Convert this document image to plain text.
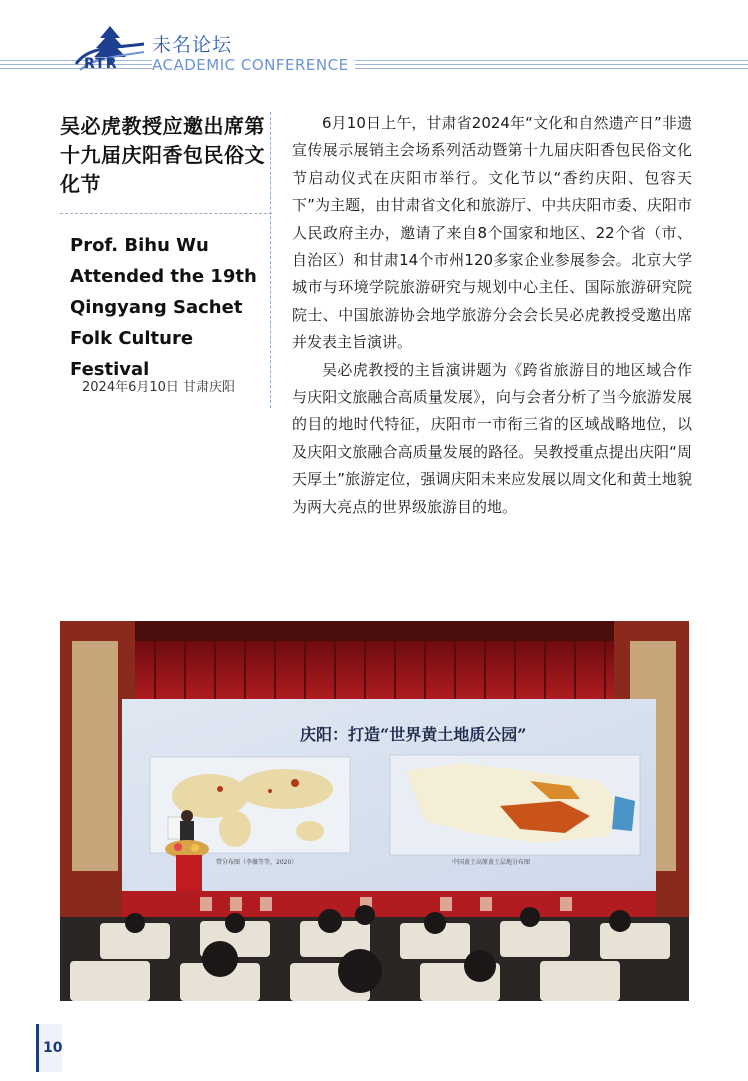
RTR
未名论坛
ACADEMIC CONFERENCE
吴必虎教授应邀出席第十九届庆阳香包民俗文化节
Prof. Bihu Wu Attended the 19th Qingyang Sachet Folk Culture Festival
2024年6月10日 甘肃庆阳

6月10日上午，甘肃省2024年“文化和自然遗产日”非遗宣传展示展销主会场系列活动暨第十九届庆阳香包民俗文化节启动仪式在庆阳市举行。文化节以“香约庆阳、包容天下”为主题，由甘肃省文化和旅游厅、中共庆阳市委、庆阳市人民政府主办，邀请了来自8个国家和地区、22个省（市、自治区）和甘肃14个市州120多家企业参展参会。北京大学城市与环境学院旅游研究与规划中心主任、国际旅游研究院院士、中国旅游协会地学旅游分会会长吴必虎教授受邀出席并发表主旨演讲。

吴必虎教授的主旨演讲题为《跨省旅游目的地区域合作与庆阳文旅融合高质量发展》，向与会者分析了当今旅游发展的目的地时代特征，庆阳市一市衔三省的区域战略地位，以及庆阳文旅融合高质量发展的路径。吴教授重点提出庆阳“周天厚土”旅游定位，强调庆阳未来应发展以周文化和黄土地貌为两大亮点的世界级旅游目的地。

庆阳：打造“世界黄土地质公园”
带分布图（李薇等等，2020）	中国黄土高原黄土层地分布图
10
